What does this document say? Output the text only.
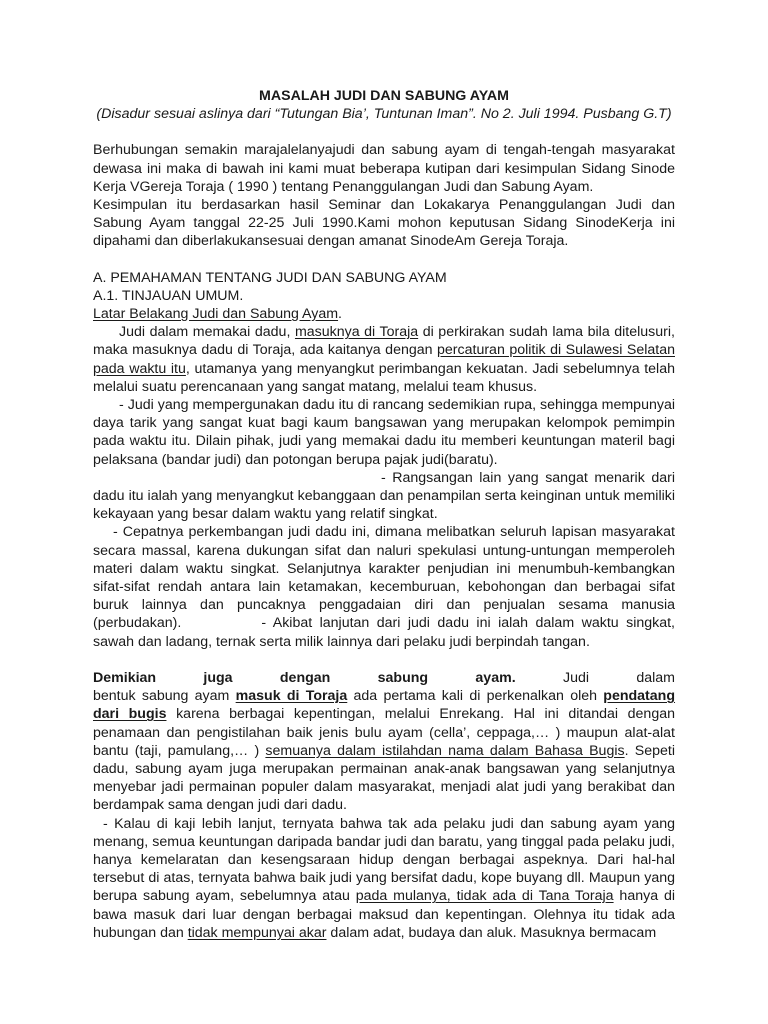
MASALAH JUDI DAN SABUNG AYAM
(Disadur sesuai aslinya dari “Tutungan Bia’, Tuntunan Iman”. No 2. Juli 1994. Pusbang G.T)

Berhubungan semakin marajalelanyajudi dan sabung ayam di tengah-tengah masyarakat dewasa ini maka di bawah ini kami muat beberapa kutipan dari kesimpulan Sidang Sinode Kerja VGereja Toraja ( 1990 ) tentang Penanggulangan Judi dan Sabung Ayam.

Kesimpulan itu berdasarkan hasil Seminar dan Lokakarya Penanggulangan Judi dan Sabung Ayam tanggal 22-25 Juli 1990.Kami mohon keputusan Sidang SinodeKerja ini dipahami dan diberlakukansesuai dengan amanat SinodeAm Gereja Toraja.

A. PEMAHAMAN TENTANG JUDI DAN SABUNG AYAM
A.1. TINJAUAN UMUM.
Latar Belakang Judi dan Sabung Ayam.

Judi dalam memakai dadu, masuknya di Toraja di perkirakan sudah lama bila ditelusuri, maka masuknya dadu di Toraja, ada kaitanya dengan percaturan politik di Sulawesi Selatan pada waktu itu, utamanya yang menyangkut perimbangan kekuatan. Jadi sebelumnya telah melalui suatu perencanaan yang sangat matang, melalui team khusus.

- Judi yang mempergunakan dadu itu di rancang sedemikian rupa, sehingga mempunyai daya tarik yang sangat kuat bagi kaum bangsawan yang merupakan kelompok pemimpin pada waktu itu. Dilain pihak, judi yang memakai dadu itu memberi keuntungan materil bagi pelaksana (bandar judi) dan potongan berupa pajak judi(baratu).

- Rangsangan lain yang sangat menarik dari dadu itu ialah yang menyangkut kebanggaan dan penampilan serta keinginan untuk memiliki kekayaan yang besar dalam waktu yang relatif singkat.

- Cepatnya perkembangan judi dadu ini, dimana melibatkan seluruh lapisan masyarakat secara massal, karena dukungan sifat dan naluri spekulasi untung-untungan memperoleh materi dalam waktu singkat. Selanjutnya karakter penjudian ini menumbuh-kembangkan sifat-sifat rendah antara lain ketamakan, kecemburuan, kebohongan dan berbagai sifat buruk lainnya dan puncaknya penggadaian diri dan penjualan sesama manusia (perbudakan).	- Akibat lanjutan dari judi dadu ini ialah dalam waktu singkat, sawah dan ladang, ternak serta milik lainnya dari pelaku judi berpindah tangan.

Demikian juga dengan sabung ayam.	Judi	dalam

bentuk sabung ayam masuk di Toraja ada pertama kali di perkenalkan oleh pendatang dari bugis karena berbagai kepentingan, melalui Enrekang. Hal ini ditandai dengan penamaan dan pengistilahan baik jenis bulu ayam (cella’, ceppaga,… ) maupun alat-alat bantu (taji, pamulang,… ) semuanya dalam istilahdan nama dalam Bahasa Bugis. Sepeti dadu, sabung ayam juga merupakan permainan anak-anak bangsawan yang selanjutnya menyebar jadi permainan populer dalam masyarakat, menjadi alat judi yang berakibat dan berdampak sama dengan judi dari dadu.

- Kalau di kaji lebih lanjut, ternyata bahwa tak ada pelaku judi dan sabung ayam yang menang, semua keuntungan daripada bandar judi dan baratu, yang tinggal pada pelaku judi, hanya kemelaratan dan kesengsaraan hidup dengan berbagai aspeknya. Dari hal-hal tersebut di atas, ternyata bahwa baik judi yang bersifat dadu, kope buyang dll. Maupun yang berupa sabung ayam, sebelumnya atau pada mulanya, tidak ada di Tana Toraja hanya di bawa masuk dari luar dengan berbagai maksud dan kepentingan. Olehnya itu tidak ada hubungan dan tidak mempunyai akar dalam adat, budaya dan aluk. Masuknya bermacam
